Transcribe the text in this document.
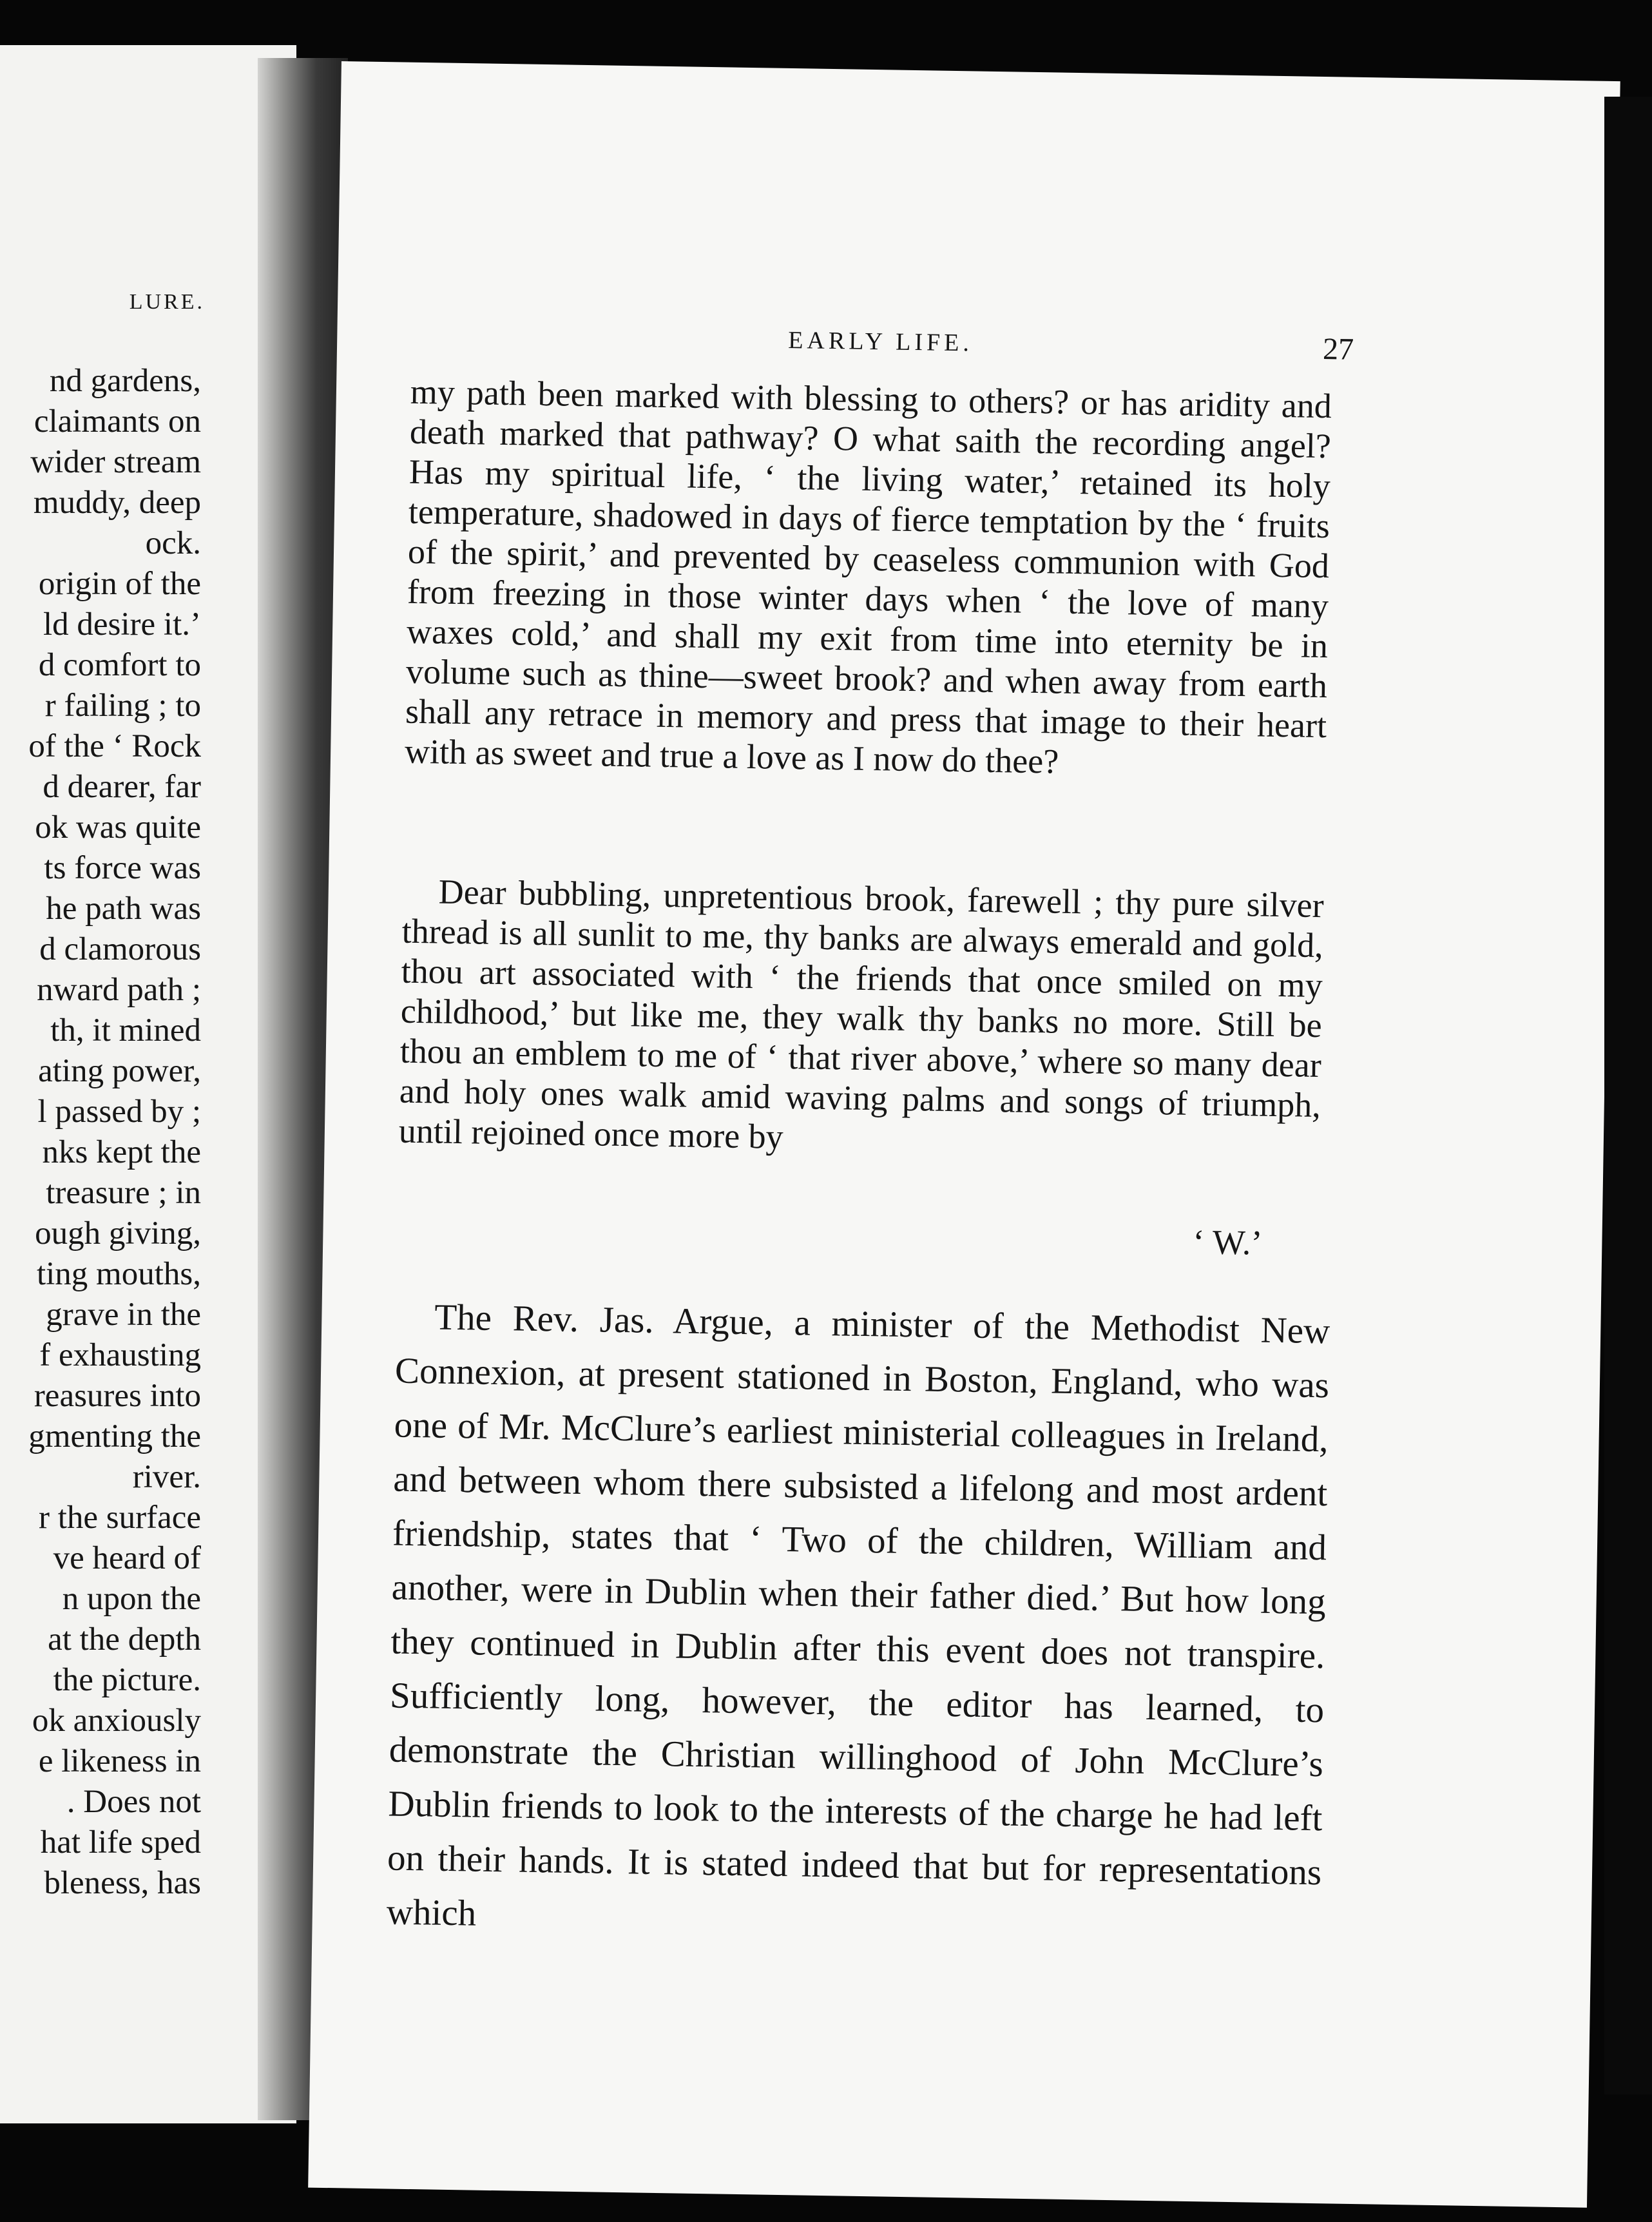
LURE.
nd gardens,
claimants on
wider stream
muddy, deep
ock.
origin of the
ld desire it.’
d comfort to
r failing ; to
of the ‘ Rock
d dearer, far
ok was quite
ts force was
he path was
d clamorous
nward path ;
th, it mined
ating power,
l passed by ;
nks kept the
treasure ; in
ough giving,
ting mouths,
grave in the
f exhausting
reasures into
gmenting the
river.
r the surface
ve heard of
n upon the
at the depth
the picture.
ok anxiously
e likeness in
. Does not
hat life sped
bleness, has
EARLY LIFE.	27

my path been marked with blessing to others? or has aridity and death marked that pathway? O what saith the recording angel? Has my spiritual life, ‘ the living water,’ retained its holy temperature, shadowed in days of fierce temptation by the ‘ fruits of the spirit,’ and prevented by ceaseless communion with God from freezing in those winter days when ‘ the love of many waxes cold,’ and shall my exit from time into eternity be in volume such as thine—sweet brook? and when away from earth shall any retrace in memory and press that image to their heart with as sweet and true a love as I now do thee?

Dear bubbling, unpretentious brook, farewell ; thy pure silver thread is all sunlit to me, thy banks are always emerald and gold, thou art associated with ‘ the friends that once smiled on my childhood,’ but like me, they walk thy banks no more. Still be thou an emblem to me of ‘ that river above,’ where so many dear and holy ones walk amid waving palms and songs of triumph, until rejoined once more by

‘ W.’

The Rev. Jas. Argue, a minister of the Methodist New Connexion, at present stationed in Boston, England, who was one of Mr. McClure’s earliest ministerial colleagues in Ireland, and between whom there subsisted a lifelong and most ardent friendship, states that ‘ Two of the children, William and another, were in Dublin when their father died.’ But how long they continued in Dublin after this event does not transpire. Sufficiently long, however, the editor has learned, to demonstrate the Christian willinghood of John McClure’s Dublin friends to look to the interests of the charge he had left on their hands. It is stated indeed that but for representations which
